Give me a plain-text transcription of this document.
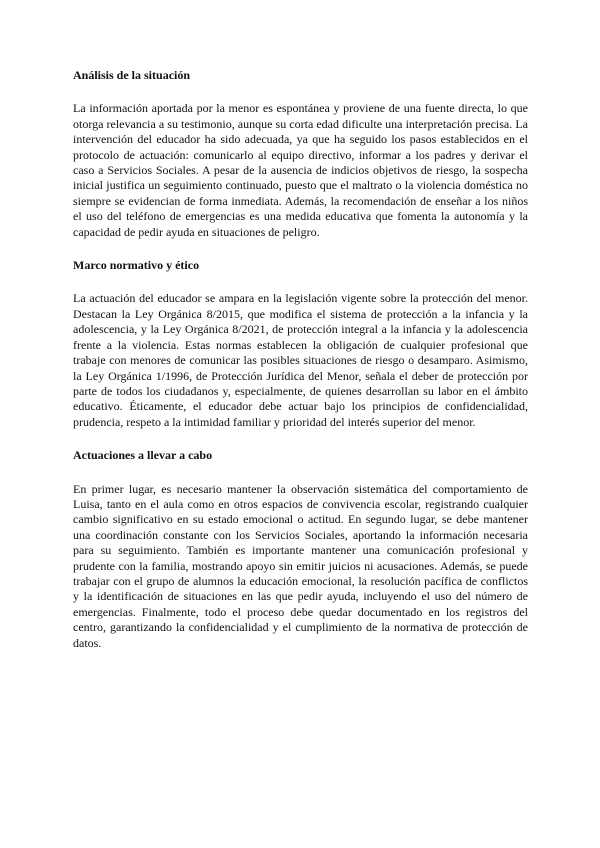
Análisis de la situación

La información aportada por la menor es espontánea y proviene de una fuente directa, lo que otorga relevancia a su testimonio, aunque su corta edad dificulte una interpretación precisa. La intervención del educador ha sido adecuada, ya que ha seguido los pasos establecidos en el protocolo de actuación: comunicarlo al equipo directivo, informar a los padres y derivar el caso a Servicios Sociales. A pesar de la ausencia de indicios objetivos de riesgo, la sospecha inicial justifica un seguimiento continuado, puesto que el maltrato o la violencia doméstica no siempre se evidencian de forma inmediata. Además, la recomendación de enseñar a los niños el uso del teléfono de emergencias es una medida educativa que fomenta la autonomía y la capacidad de pedir ayuda en situaciones de peligro.

Marco normativo y ético

La actuación del educador se ampara en la legislación vigente sobre la protección del menor. Destacan la Ley Orgánica 8/2015, que modifica el sistema de protección a la infancia y la adolescencia, y la Ley Orgánica 8/2021, de protección integral a la infancia y la adolescencia frente a la violencia. Estas normas establecen la obligación de cualquier profesional que trabaje con menores de comunicar las posibles situaciones de riesgo o desamparo. Asimismo, la Ley Orgánica 1/1996, de Protección Jurídica del Menor, señala el deber de protección por parte de todos los ciudadanos y, especialmente, de quienes desarrollan su labor en el ámbito educativo. Éticamente, el educador debe actuar bajo los principios de confidencialidad, prudencia, respeto a la intimidad familiar y prioridad del interés superior del menor.

Actuaciones a llevar a cabo

En primer lugar, es necesario mantener la observación sistemática del comportamiento de Luisa, tanto en el aula como en otros espacios de convivencia escolar, registrando cualquier cambio significativo en su estado emocional o actitud. En segundo lugar, se debe mantener una coordinación constante con los Servicios Sociales, aportando la información necesaria para su seguimiento. También es importante mantener una comunicación profesional y prudente con la familia, mostrando apoyo sin emitir juicios ni acusaciones. Además, se puede trabajar con el grupo de alumnos la educación emocional, la resolución pacífica de conflictos y la identificación de situaciones en las que pedir ayuda, incluyendo el uso del número de emergencias. Finalmente, todo el proceso debe quedar documentado en los registros del centro, garantizando la confidencialidad y el cumplimiento de la normativa de protección de datos.
